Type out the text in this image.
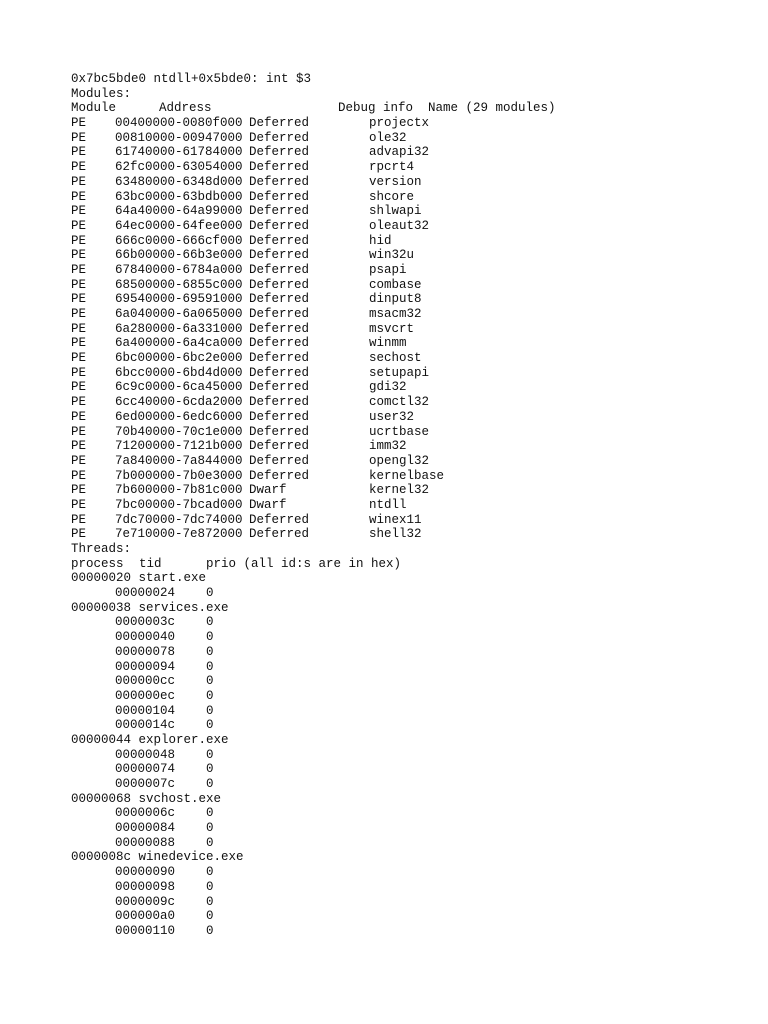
0x7bc5bde0 ntdll+0x5bde0: int $3
Modules:
Module	Address	Debug info  Name (29 modules)
PE 00400000-0080f000 Deferred	projectx
PE 00810000-00947000 Deferred	ole32
PE 61740000-61784000 Deferred	advapi32
PE 62fc0000-63054000 Deferred	rpcrt4
PE 63480000-6348d000 Deferred	version
PE 63bc0000-63bdb000 Deferred	shcore
PE 64a40000-64a99000 Deferred	shlwapi
PE 64ec0000-64fee000 Deferred	oleaut32
PE 666c0000-666cf000 Deferred	hid
PE 66b00000-66b3e000 Deferred	win32u
PE 67840000-6784a000 Deferred	psapi
PE 68500000-6855c000 Deferred	combase
PE 69540000-69591000 Deferred	dinput8
PE 6a040000-6a065000 Deferred	msacm32
PE 6a280000-6a331000 Deferred	msvcrt
PE 6a400000-6a4ca000 Deferred	winmm
PE 6bc00000-6bc2e000 Deferred	sechost
PE 6bcc0000-6bd4d000 Deferred	setupapi
PE 6c9c0000-6ca45000 Deferred	gdi32
PE 6cc40000-6cda2000 Deferred	comctl32
PE 6ed00000-6edc6000 Deferred	user32
PE 70b40000-70c1e000 Deferred	ucrtbase
PE 71200000-7121b000 Deferred	imm32
PE 7a840000-7a844000 Deferred	opengl32
PE 7b000000-7b0e3000 Deferred	kernelbase
PE 7b600000-7b81c000 Dwarf	kernel32
PE 7bc00000-7bcad000 Dwarf	ntdll
PE 7dc70000-7dc74000 Deferred	winex11
PE 7e710000-7e872000 Deferred	shell32
Threads:
process tid	prio (all id:s are in hex)
00000020 start.exe
00000024 0
00000038 services.exe
0000003c 0
00000040 0
00000078 0
00000094 0
000000cc 0
000000ec 0
00000104 0
0000014c 0
00000044 explorer.exe
00000048 0
00000074 0
0000007c 0
00000068 svchost.exe
0000006c 0
00000084 0
00000088 0
0000008c winedevice.exe
00000090 0
00000098 0
0000009c 0
000000a0 0
00000110 0
